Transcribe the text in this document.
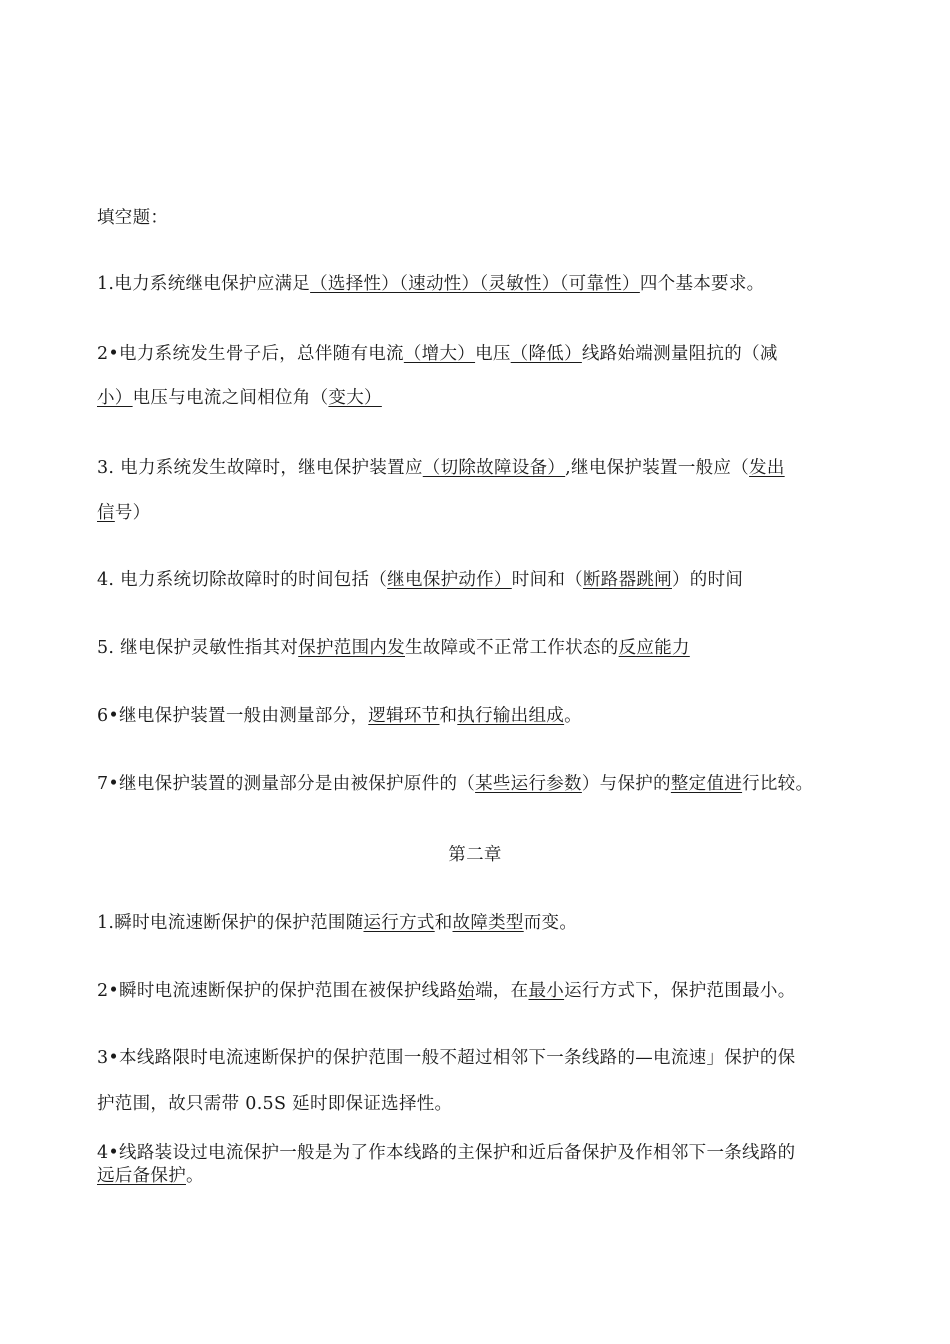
填空题：
1.电力系统继电保护应满足（选择性）（速动性）（灵敏性）（可靠性）四个基本要求。
2•电力系统发生骨子后，总伴随有电流（增大）电压（降低）线路始端测量阻抗的（减
小）电压与电流之间相位角（变大）
3. 电力系统发生故障时，继电保护装置应（切除故障设备）,继电保护装置一般应（发出
信号）
4. 电力系统切除故障时的时间包括（继电保护动作）时间和（断路器跳闸）的时间
5. 继电保护灵敏性指其对保护范围内发生故障或不正常工作状态的反应能力
6•继电保护装置一般由测量部分，逻辑环节和执行输出组成。
7•继电保护装置的测量部分是由被保护原件的（某些运行参数）与保护的整定值进行比较。
第二章
1.瞬时电流速断保护的保护范围随运行方式和故障类型而变。
2•瞬时电流速断保护的保护范围在被保护线路始端，在最小运行方式下，保护范围最小。
3•本线路限时电流速断保护的保护范围一般不超过相邻下一条线路的—电流速」保护的保
护范围，故只需带 0.5S 延时即保证选择性。
4•线路装设过电流保护一般是为了作本线路的主保护和近后备保护及作相邻下一条线路的
远后备保护。
